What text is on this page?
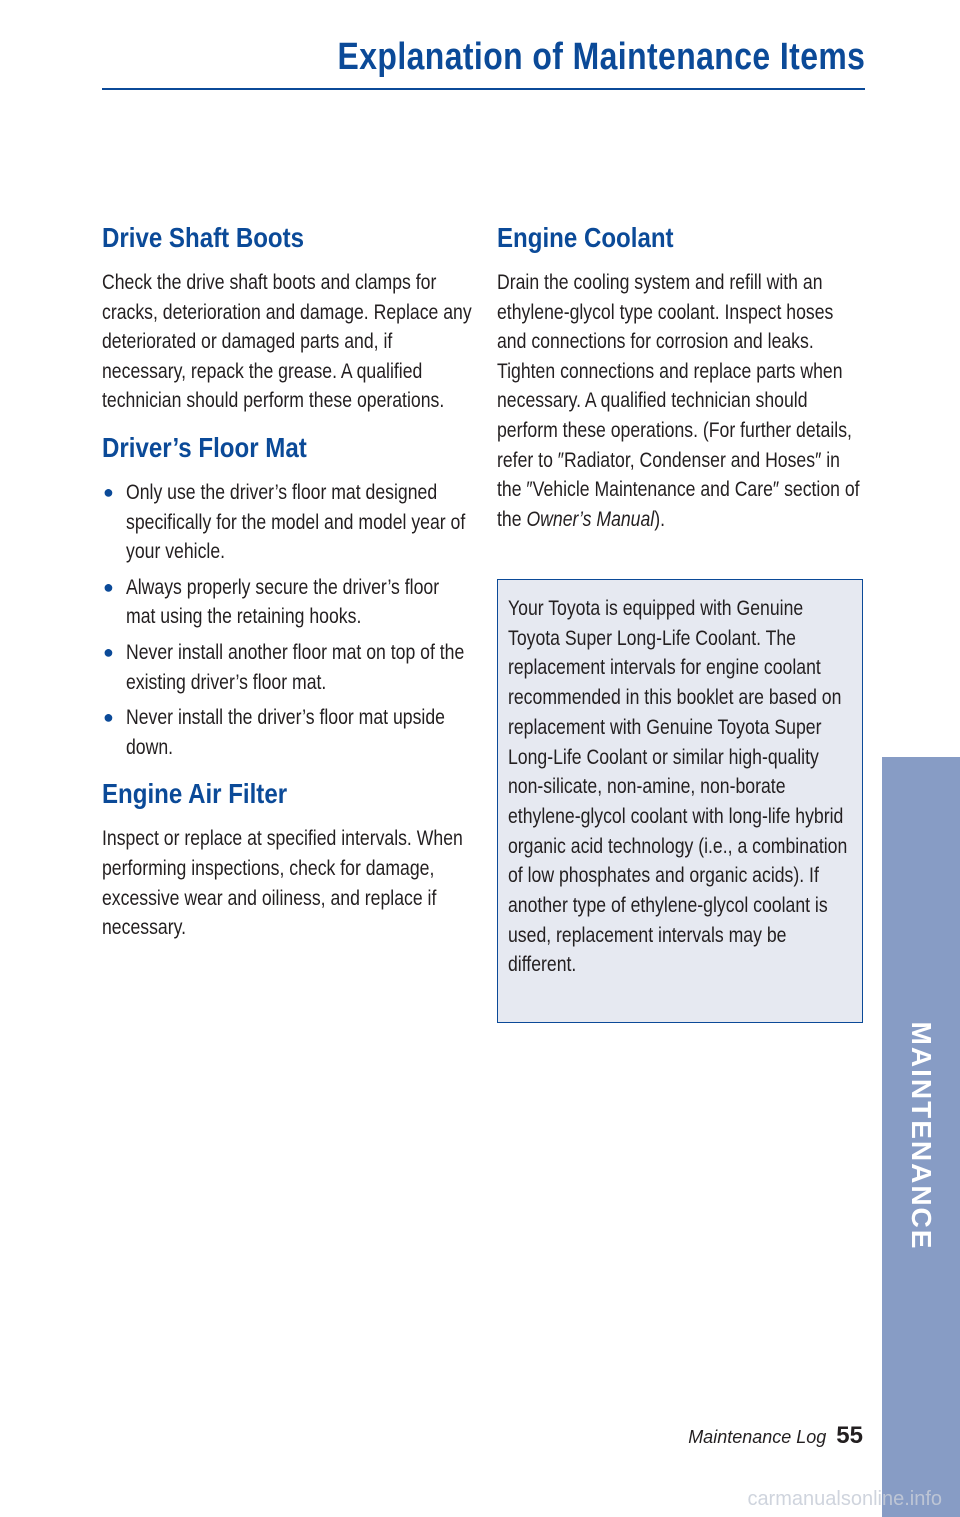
Explanation of Maintenance Items
Drive Shaft Boots

Check the drive shaft boots and clamps for cracks, deterioration and damage. Replace any deteriorated or damaged parts and, if necessary, repack the grease. A qualified technician should perform these operations.

Driver’s Floor Mat
● Only use the driver’s floor mat designed specifically for the model and model year of your vehicle.
● Always properly secure the driver’s floor mat using the retaining hooks.
● Never install another floor mat on top of the existing driver’s floor mat.
● Never install the driver’s floor mat upside down.
Engine Air Filter

Inspect or replace at specified intervals. When performing inspections, check for damage, excessive wear and oiliness, and replace if necessary.

Engine Coolant

Drain the cooling system and refill with an ethylene-glycol type coolant. Inspect hoses and connections for corrosion and leaks. Tighten connections and replace parts when necessary. A qualified technician should perform these operations. (For further details, refer to ″Radiator, Condenser and Hoses″ in the ″Vehicle Maintenance and Care″ section of the Owner’s Manual).

Your Toyota is equipped with Genuine Toyota Super Long-Life Coolant. The replacement intervals for engine coolant recommended in this booklet are based on replacement with Genuine Toyota Super Long-Life Coolant or similar high-quality non-silicate, non-amine, non-borate ethylene-glycol coolant with long-life hybrid organic acid technology (i.e., a combination of low phosphates and organic acids). If another type of ethylene-glycol coolant is used, replacement intervals may be different.

MAINTENANCE
Maintenance Log 55
carmanualsonline.info
